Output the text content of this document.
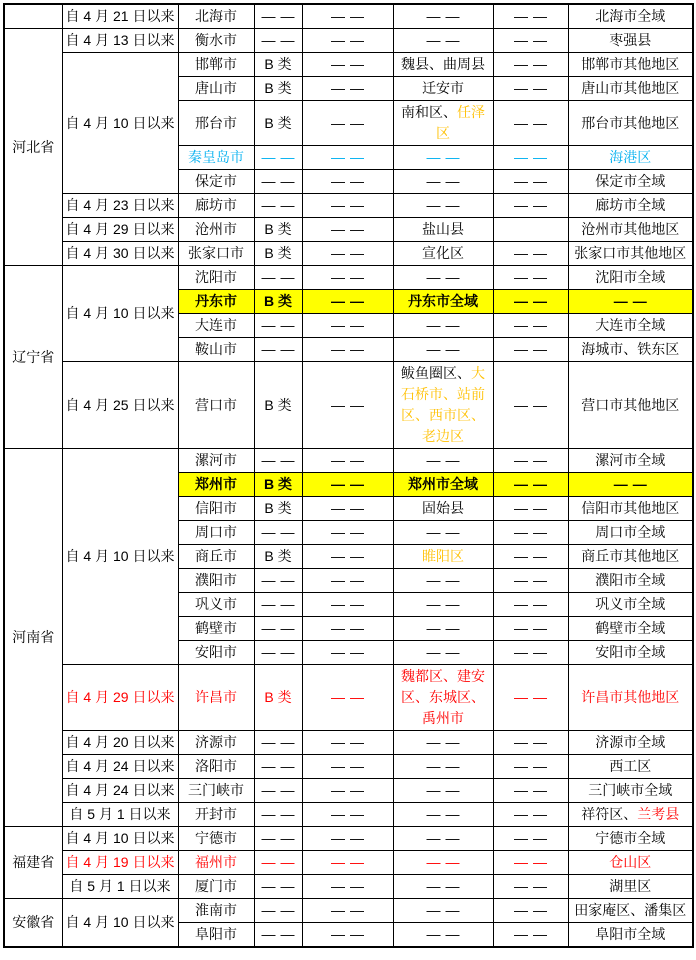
	自 4 月 21 日以来	北海市	——	——	——	——	北海市全域
河北省	自 4 月 13 日以来	衡水市	——	——	——	——	枣强县
	自 4 月 10 日以来	邯郸市	B 类	——	魏县、曲周县	——	邯郸市其他地区
		唐山市	B 类	——	迁安市	——	唐山市其他地区
		邢台市	B 类	——	南和区、任泽区	——	邢台市其他地区
		秦皇岛市	——	——	——	——	海港区
		保定市	——	——	——	——	保定市全域
	自 4 月 23 日以来	廊坊市	——	——	——	——	廊坊市全域
	自 4 月 29 日以来	沧州市	B 类	——	盐山县		沧州市其他地区
	自 4 月 30 日以来	张家口市	B 类	——	宣化区	——	张家口市其他地区
辽宁省	自 4 月 10 日以来	沈阳市	——	——	——	——	沈阳市全域
		丹东市	B 类	——	丹东市全域	——	——
		大连市	——	——	——	——	大连市全域
		鞍山市	——	——	——	——	海城市、铁东区
	自 4 月 25 日以来	营口市	B 类	——	鲅鱼圈区、大石桥市、站前区、西市区、老边区	——	营口市其他地区
河南省	自 4 月 10 日以来	漯河市	——	——	——	——	漯河市全域
		郑州市	B 类	——	郑州市全域	——	——
		信阳市	B 类	——	固始县	——	信阳市其他地区
		周口市	——	——	——	——	周口市全域
		商丘市	B 类	——	睢阳区	——	商丘市其他地区
		濮阳市	——	——	——	——	濮阳市全域
		巩义市	——	——	——	——	巩义市全域
		鹤壁市	——	——	——	——	鹤壁市全域
		安阳市	——	——	——	——	安阳市全域
	自 4 月 29 日以来	许昌市	B 类	——	魏都区、建安区、东城区、禹州市	——	许昌市其他地区
	自 4 月 20 日以来	济源市	——	——	——	——	济源市全域
	自 4 月 24 日以来	洛阳市	——	——	——	——	西工区
	自 4 月 24 日以来	三门峡市	——	——	——	——	三门峡市全域
	自 5 月 1 日以来	开封市	——	——	——	——	祥符区、兰考县
福建省	自 4 月 10 日以来	宁德市	——	——	——	——	宁德市全域
	自 4 月 19 日以来	福州市	——	——	——	——	仓山区
	自 5 月 1 日以来	厦门市	——	——	——	——	湖里区
安徽省	自 4 月 10 日以来	淮南市	——	——	——	——	田家庵区、潘集区
		阜阳市	——	——	——	——	阜阳市全域
